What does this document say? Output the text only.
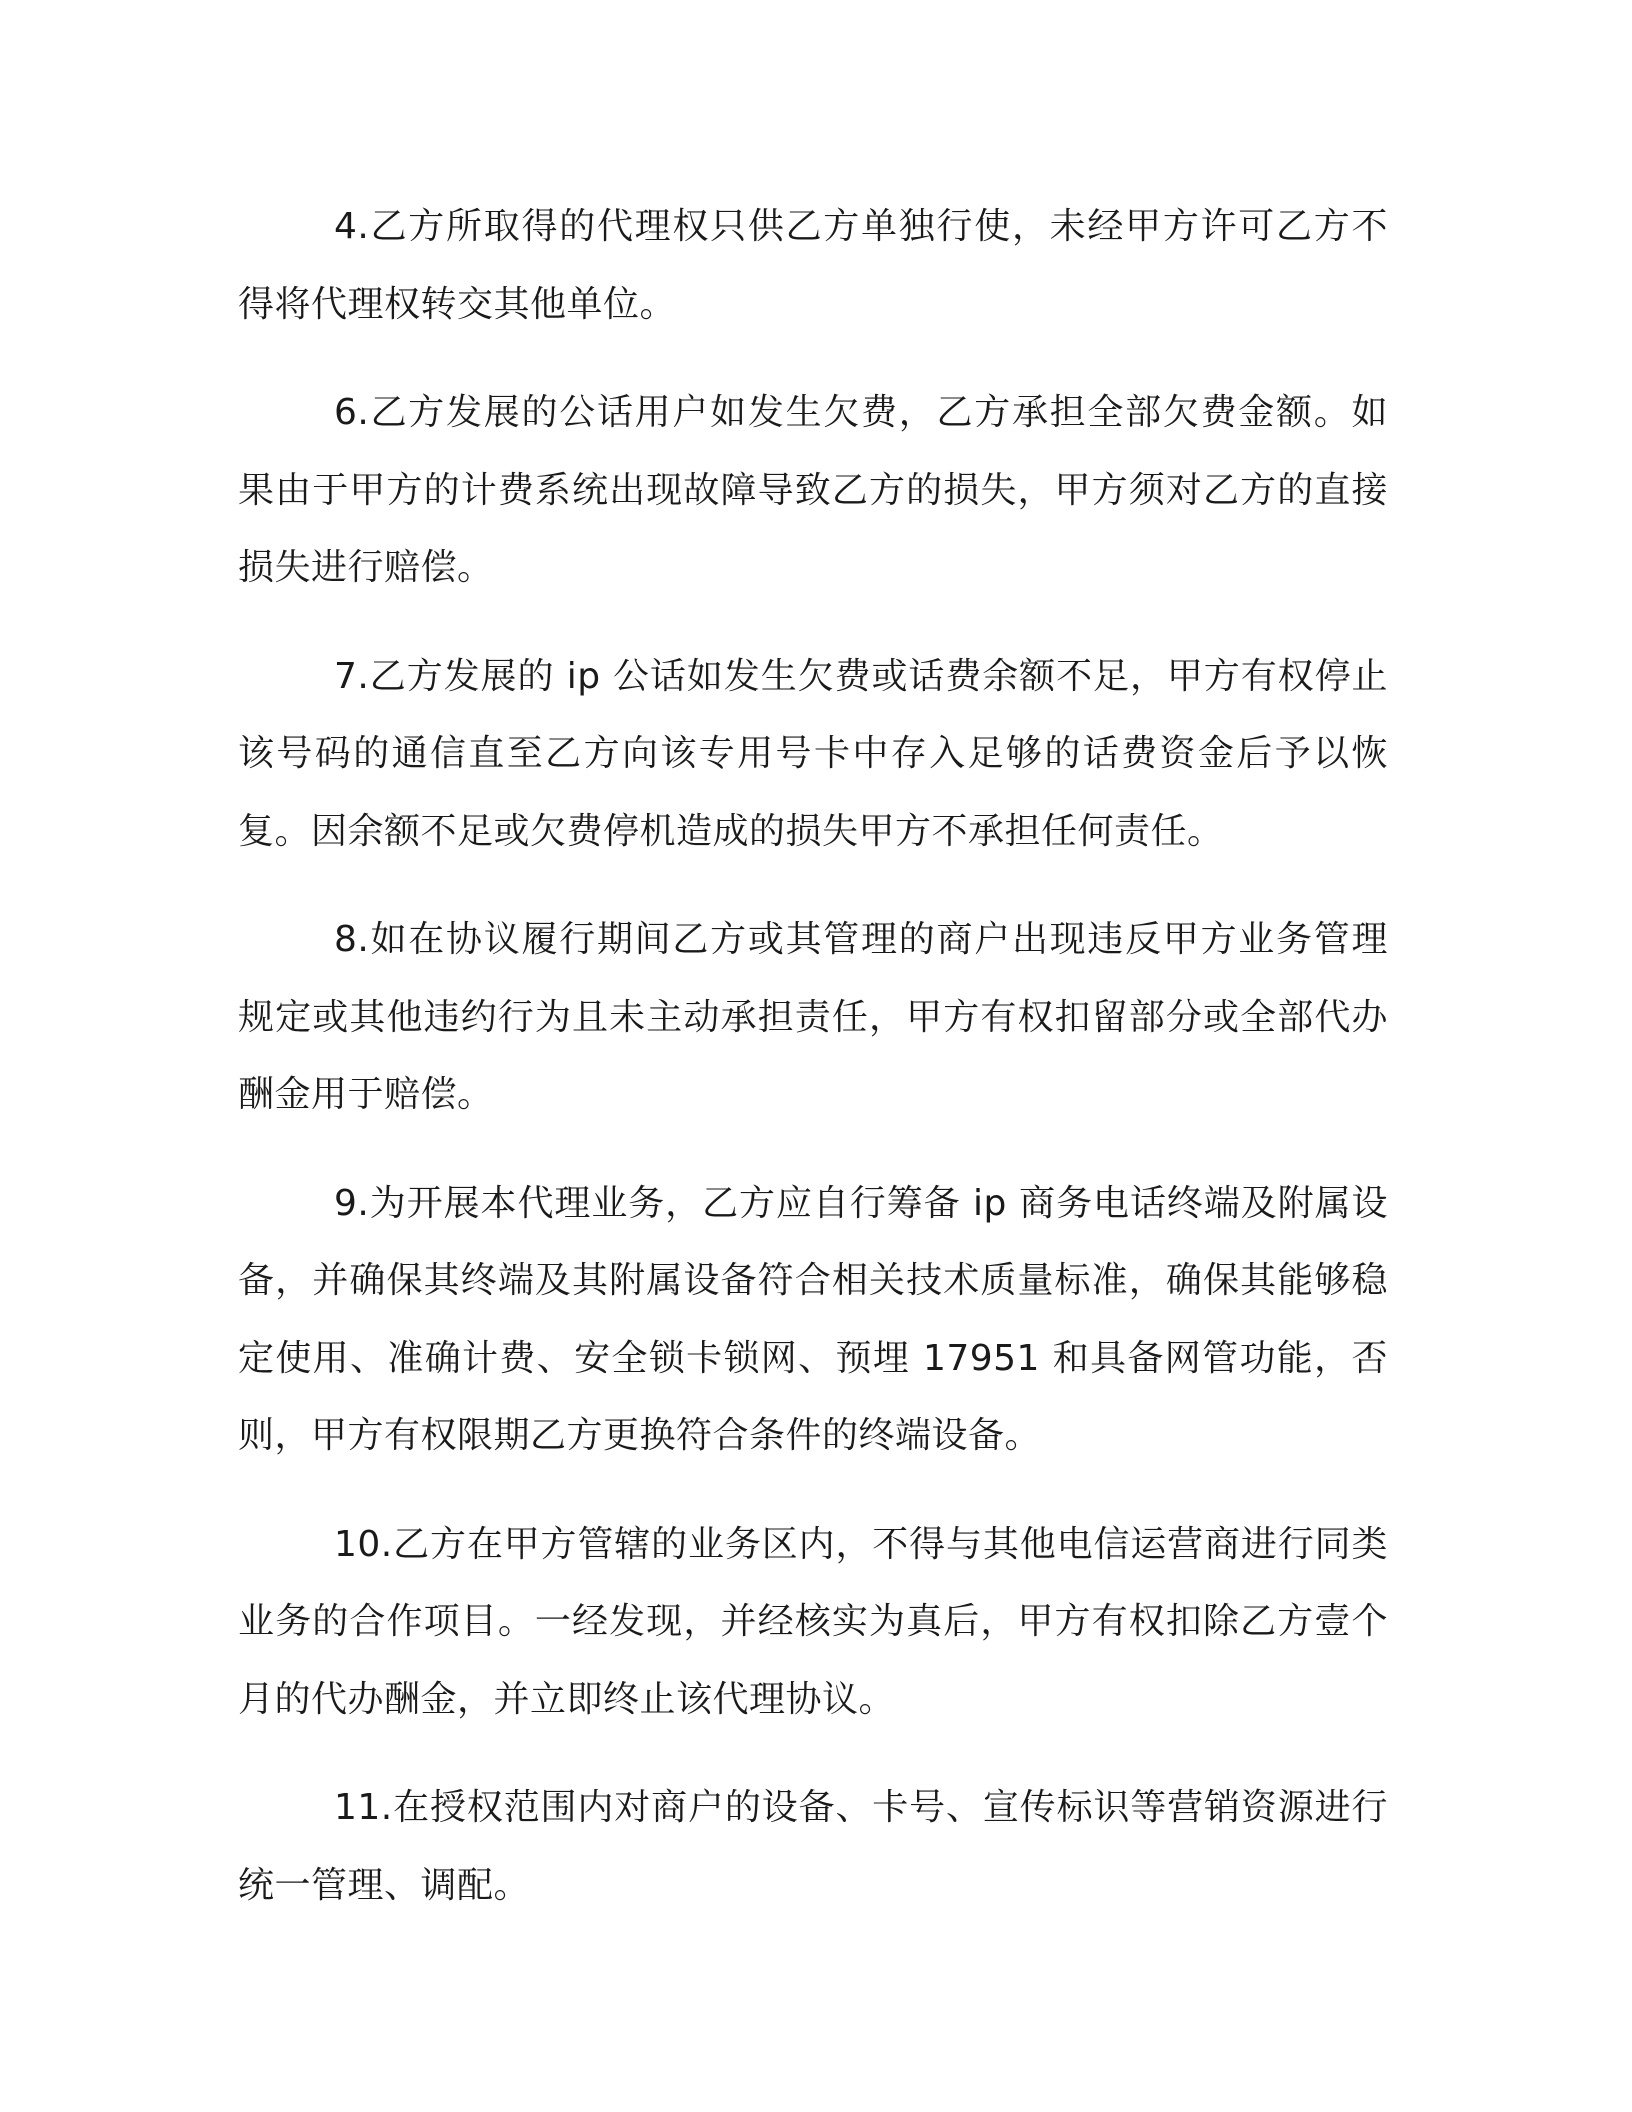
4.乙方所取得的代理权只供乙方单独行使，未经甲方许可乙方不得将代理权转交其他单位。

6.乙方发展的公话用户如发生欠费，乙方承担全部欠费金额。如果由于甲方的计费系统出现故障导致乙方的损失，甲方须对乙方的直接损失进行赔偿。

7.乙方发展的 ip 公话如发生欠费或话费余额不足，甲方有权停止该号码的通信直至乙方向该专用号卡中存入足够的话费资金后予以恢复。因余额不足或欠费停机造成的损失甲方不承担任何责任。

8.如在协议履行期间乙方或其管理的商户出现违反甲方业务管理规定或其他违约行为且未主动承担责任，甲方有权扣留部分或全部代办酬金用于赔偿。

9.为开展本代理业务，乙方应自行筹备 ip 商务电话终端及附属设备，并确保其终端及其附属设备符合相关技术质量标准，确保其能够稳定使用、准确计费、安全锁卡锁网、预埋 17951 和具备网管功能，否则，甲方有权限期乙方更换符合条件的终端设备。

10.乙方在甲方管辖的业务区内，不得与其他电信运营商进行同类业务的合作项目。一经发现，并经核实为真后，甲方有权扣除乙方壹个月的代办酬金，并立即终止该代理协议。

11.在授权范围内对商户的设备、卡号、宣传标识等营销资源进行统一管理、调配。
